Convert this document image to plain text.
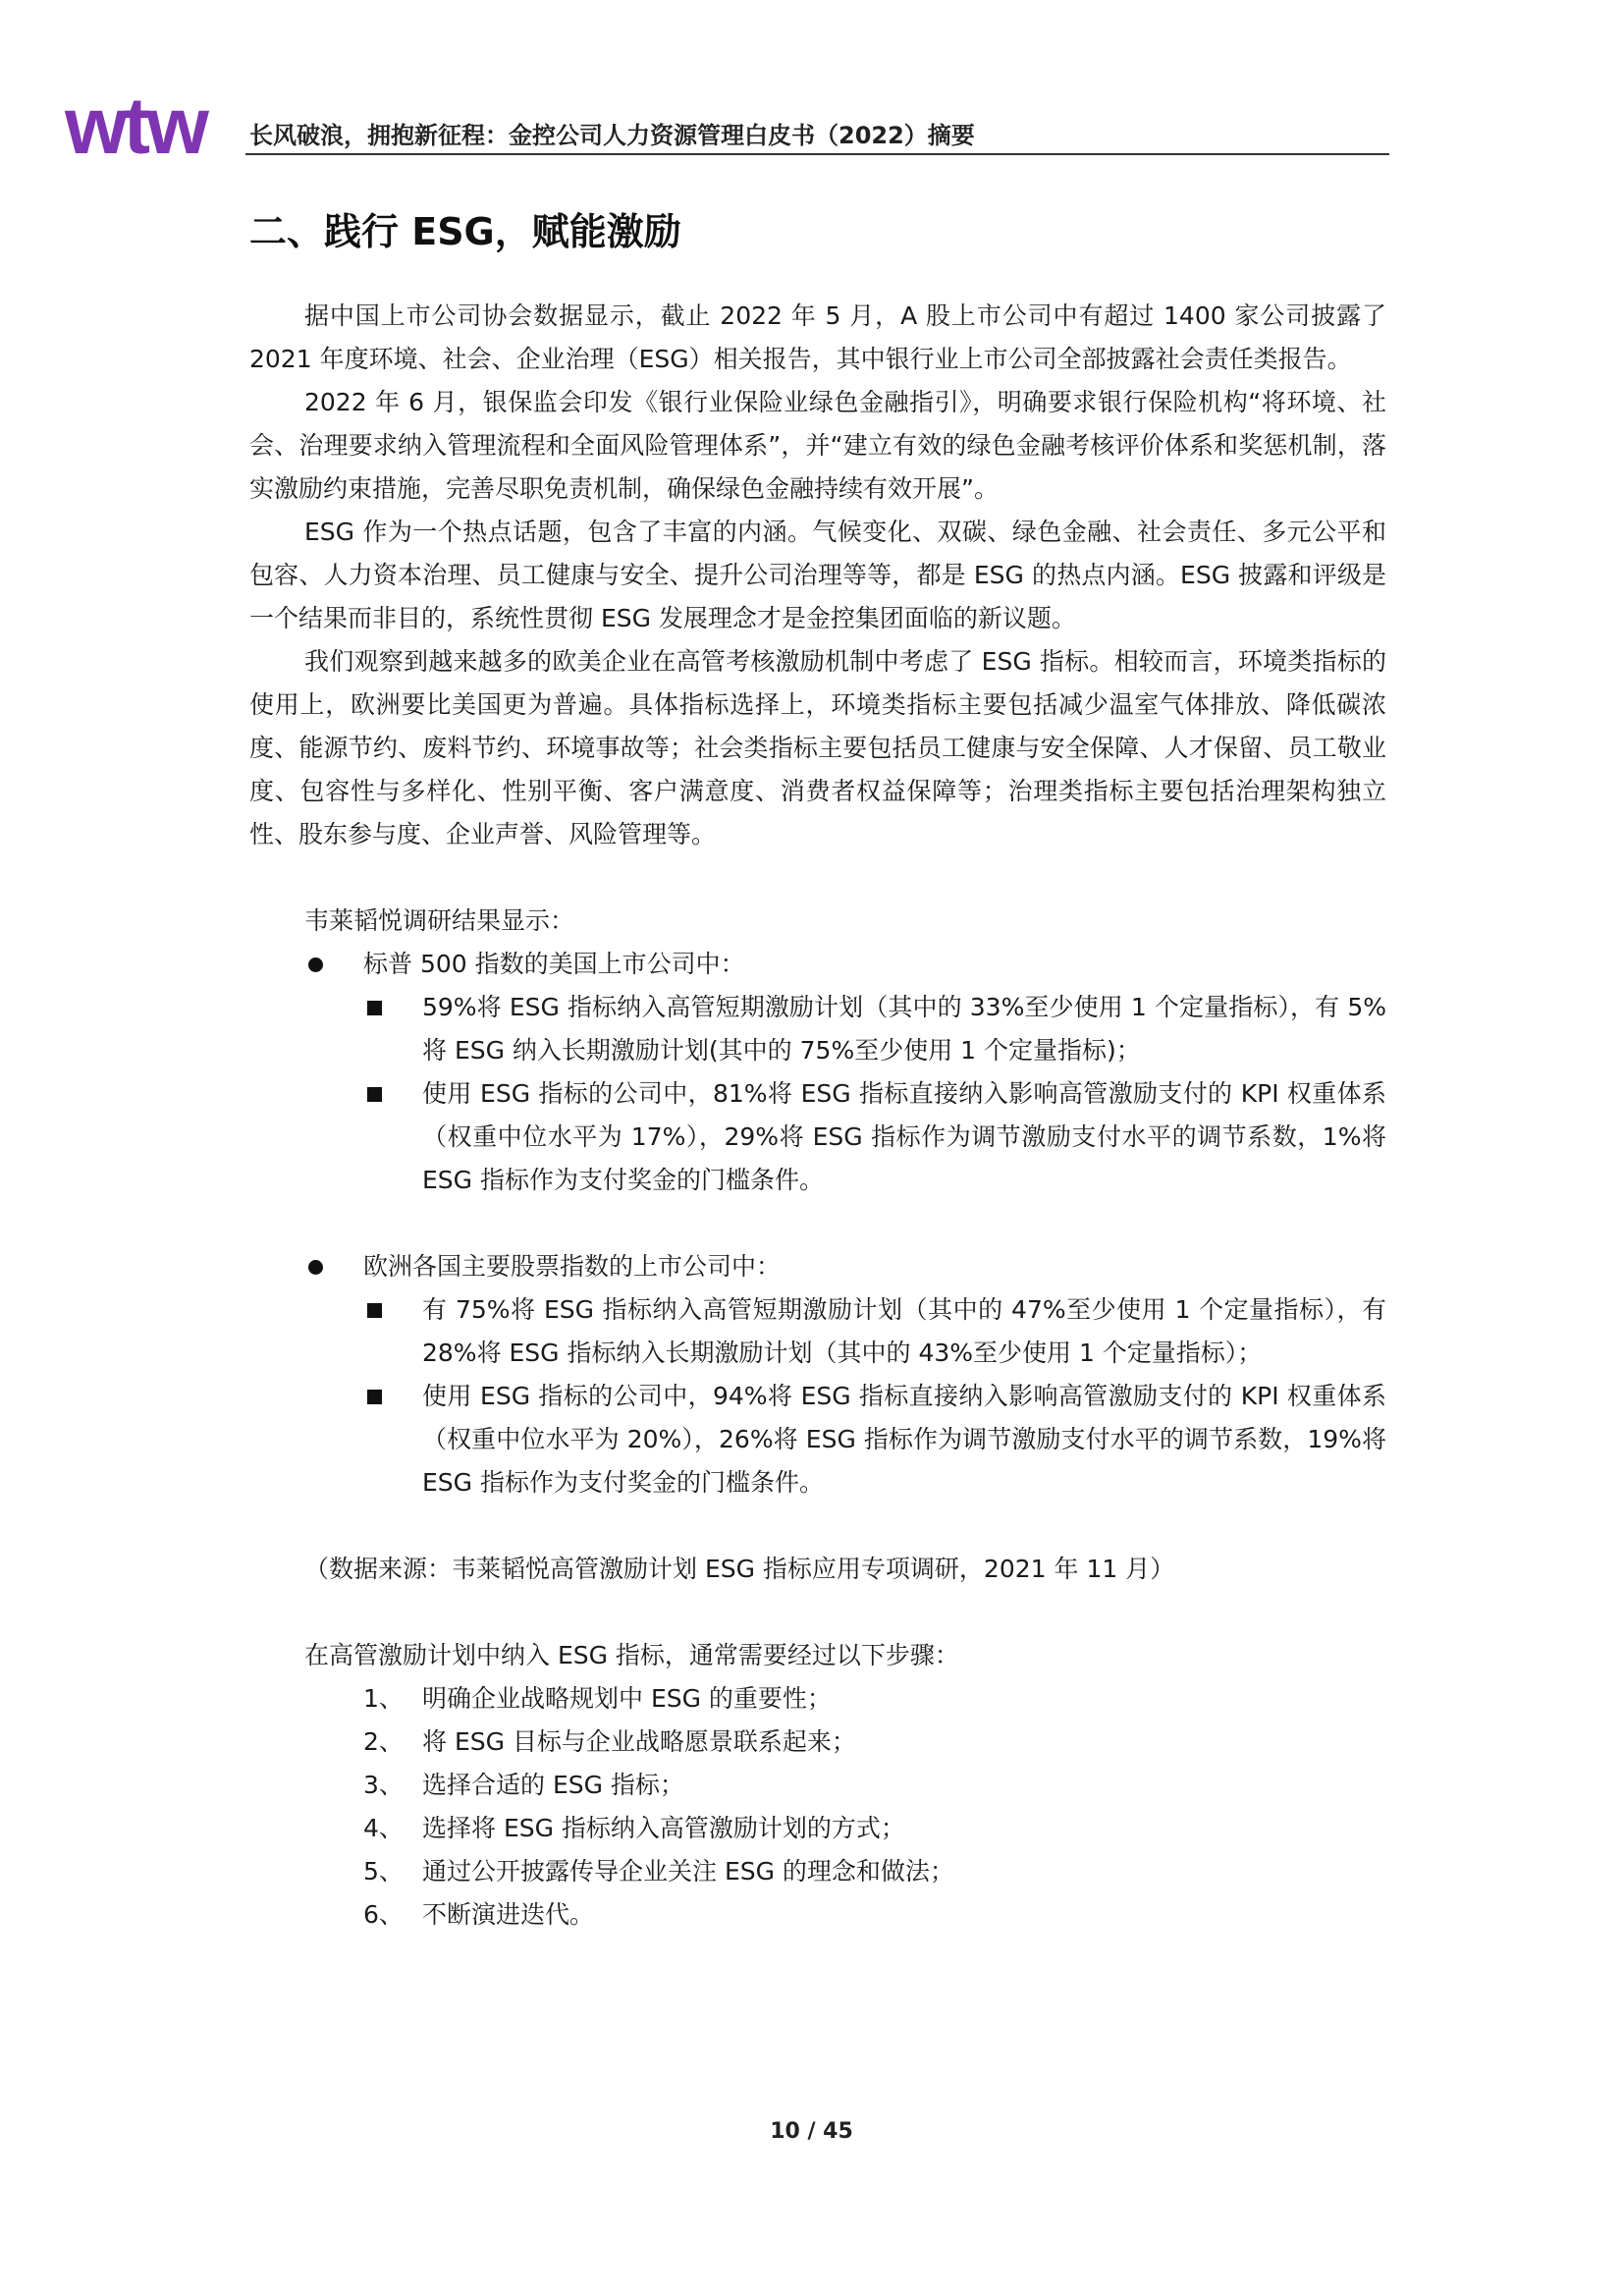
wtw 长风破浪，拥抱新征程：金控公司人力资源管理白皮书（2022）摘要
二、践行 ESG，赋能激励

据中国上市公司协会数据显示，截止 2022 年 5 月，A 股上市公司中有超过 1400 家公司披露了 2021 年度环境、社会、企业治理（ESG）相关报告，其中银行业上市公司全部披露社会责任类报告。

2022 年 6 月，银保监会印发《银行业保险业绿色金融指引》，明确要求银行保险机构“将环境、社会、治理要求纳入管理流程和全面风险管理体系”，并“建立有效的绿色金融考核评价体系和奖惩机制，落实激励约束措施，完善尽职免责机制，确保绿色金融持续有效开展”。

ESG 作为一个热点话题，包含了丰富的内涵。气候变化、双碳、绿色金融、社会责任、多元公平和包容、人力资本治理、员工健康与安全、提升公司治理等等，都是 ESG 的热点内涵。ESG 披露和评级是一个结果而非目的，系统性贯彻 ESG 发展理念才是金控集团面临的新议题。

我们观察到越来越多的欧美企业在高管考核激励机制中考虑了 ESG 指标。相较而言，环境类指标的使用上，欧洲要比美国更为普遍。具体指标选择上，环境类指标主要包括减少温室气体排放、降低碳浓度、能源节约、废料节约、环境事故等；社会类指标主要包括员工健康与安全保障、人才保留、员工敬业度、包容性与多样化、性别平衡、客户满意度、消费者权益保障等；治理类指标主要包括治理架构独立性、股东参与度、企业声誉、风险管理等。

韦莱韬悦调研结果显示：

标普 500 指数的美国上市公司中：
59%将 ESG 指标纳入高管短期激励计划（其中的 33%至少使用 1 个定量指标），有 5%将 ESG 纳入长期激励计划(其中的 75%至少使用 1 个定量指标)；
使用 ESG 指标的公司中，81%将 ESG 指标直接纳入影响高管激励支付的 KPI 权重体系（权重中位水平为 17%），29%将 ESG 指标作为调节激励支付水平的调节系数，1%将 ESG 指标作为支付奖金的门槛条件。
欧洲各国主要股票指数的上市公司中：
有 75%将 ESG 指标纳入高管短期激励计划（其中的 47%至少使用 1 个定量指标），有 28%将 ESG 指标纳入长期激励计划（其中的 43%至少使用 1 个定量指标）；
使用 ESG 指标的公司中，94%将 ESG 指标直接纳入影响高管激励支付的 KPI 权重体系（权重中位水平为 20%），26%将 ESG 指标作为调节激励支付水平的调节系数，19%将 ESG 指标作为支付奖金的门槛条件。

（数据来源：韦莱韬悦高管激励计划 ESG 指标应用专项调研，2021 年 11 月）

在高管激励计划中纳入 ESG 指标，通常需要经过以下步骤：

1、 明确企业战略规划中 ESG 的重要性；
2、 将 ESG 目标与企业战略愿景联系起来；
3、 选择合适的 ESG 指标；
4、 选择将 ESG 指标纳入高管激励计划的方式；
5、 通过公开披露传导企业关注 ESG 的理念和做法；
6、 不断演进迭代。
10 / 45
